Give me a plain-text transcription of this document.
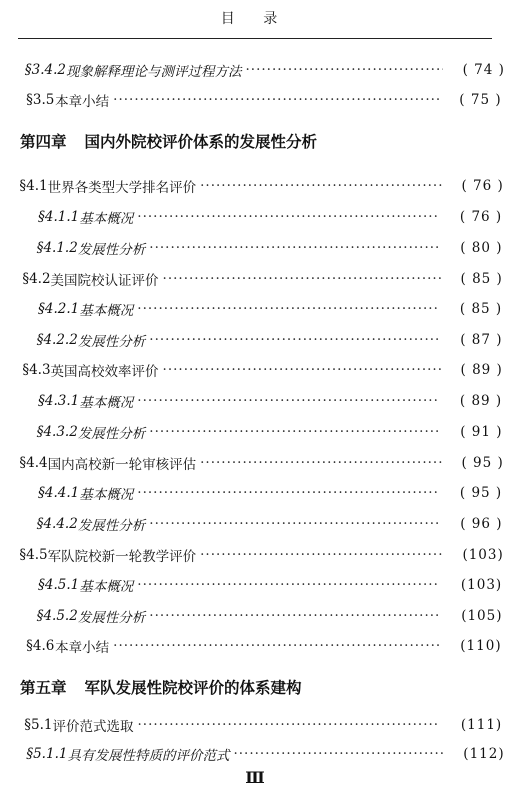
目 录
§3.4.2 现象解释理论与测评过程方法 ·····	( 74 )
§3.5 本章小结 ·····	( 75 )
第四章 国内外院校评价体系的发展性分析
§4.1 世界各类型大学排名评价 ·····	( 76 )
§4.1.1 基本概况 ·····	( 76 )
§4.1.2 发展性分析 ·····	( 80 )
§4.2 美国院校认证评价 ·····	( 85 )
§4.2.1 基本概况 ·····	( 85 )
§4.2.2 发展性分析 ·····	( 87 )
§4.3 英国高校效率评价 ·····	( 89 )
§4.3.1 基本概况 ·····	( 89 )
§4.3.2 发展性分析 ·····	( 91 )
§4.4 国内高校新一轮审核评估 ·····	( 95 )
§4.4.1 基本概况 ·····	( 95 )
§4.4.2 发展性分析 ·····	( 96 )
§4.5 军队院校新一轮教学评价 ·····	(103)
§4.5.1 基本概况 ·····	(103)
§4.5.2 发展性分析 ·····	(105)
§4.6 本章小结 ·····	(110)
第五章 军队发展性院校评价的体系建构
§5.1 评价范式选取 ·····	(111)
§5.1.1 具有发展性特质的评价范式 ·····	(112)
Ⅲ
